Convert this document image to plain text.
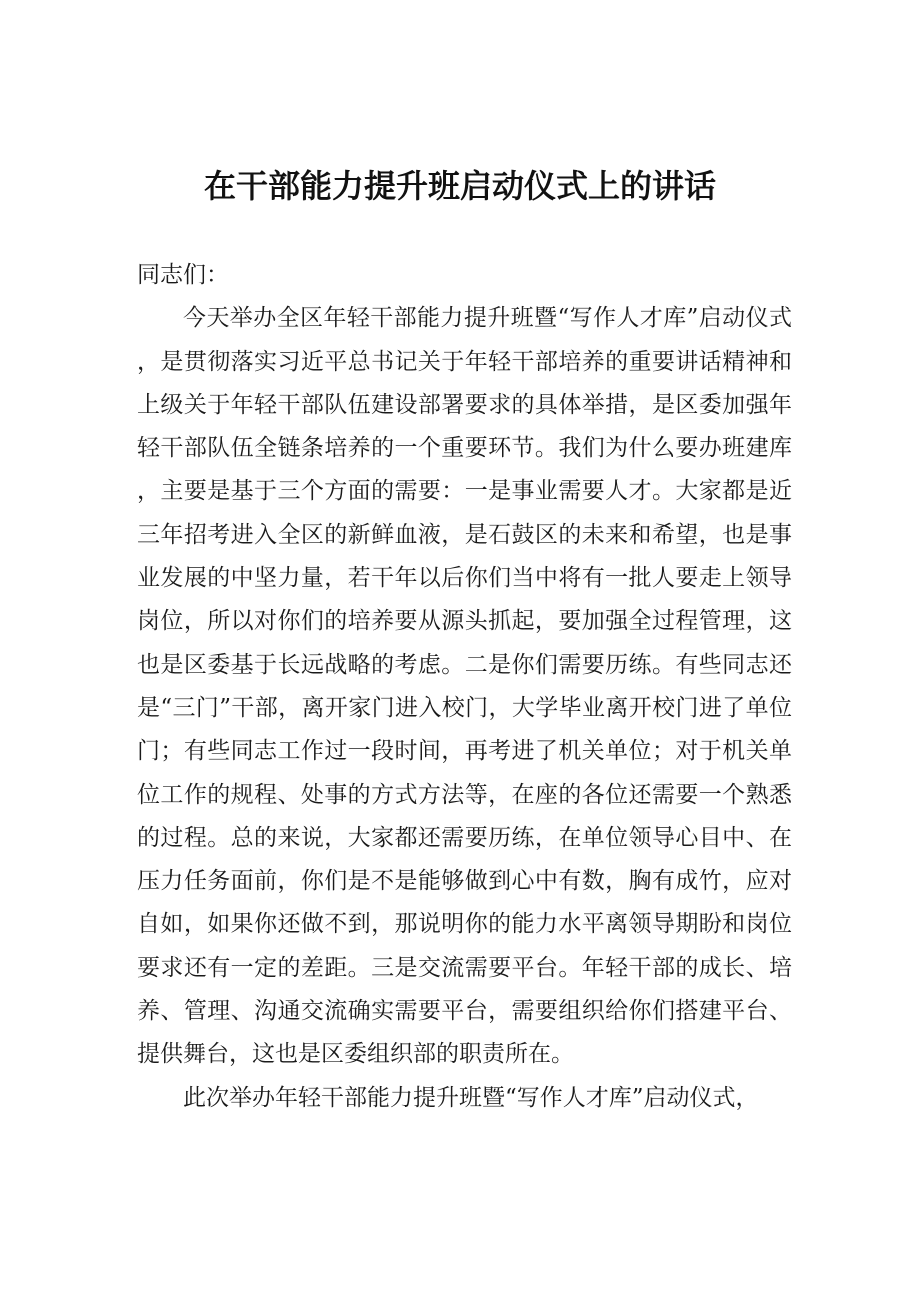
在干部能力提升班启动仪式上的讲话

同志们：

今天举办全区年轻干部能力提升班暨“写作人才库”启动仪式，是贯彻落实习近平总书记关于年轻干部培养的重要讲话精神和上级关于年轻干部队伍建设部署要求的具体举措，是区委加强年轻干部队伍全链条培养的一个重要环节。我们为什么要办班建库，主要是基于三个方面的需要：一是事业需要人才。大家都是近三年招考进入全区的新鲜血液，是石鼓区的未来和希望，也是事业发展的中坚力量，若干年以后你们当中将有一批人要走上领导岗位，所以对你们的培养要从源头抓起，要加强全过程管理，这也是区委基于长远战略的考虑。二是你们需要历练。有些同志还是“三门”干部，离开家门进入校门，大学毕业离开校门进了单位门；有些同志工作过一段时间，再考进了机关单位；对于机关单位工作的规程、处事的方式方法等，在座的各位还需要一个熟悉的过程。总的来说，大家都还需要历练，在单位领导心目中、在压力任务面前，你们是不是能够做到心中有数，胸有成竹，应对自如，如果你还做不到，那说明你的能力水平离领导期盼和岗位要求还有一定的差距。三是交流需要平台。年轻干部的成长、培养、管理、沟通交流确实需要平台，需要组织给你们搭建平台、提供舞台，这也是区委组织部的职责所在。

此次举办年轻干部能力提升班暨“写作人才库”启动仪式，
